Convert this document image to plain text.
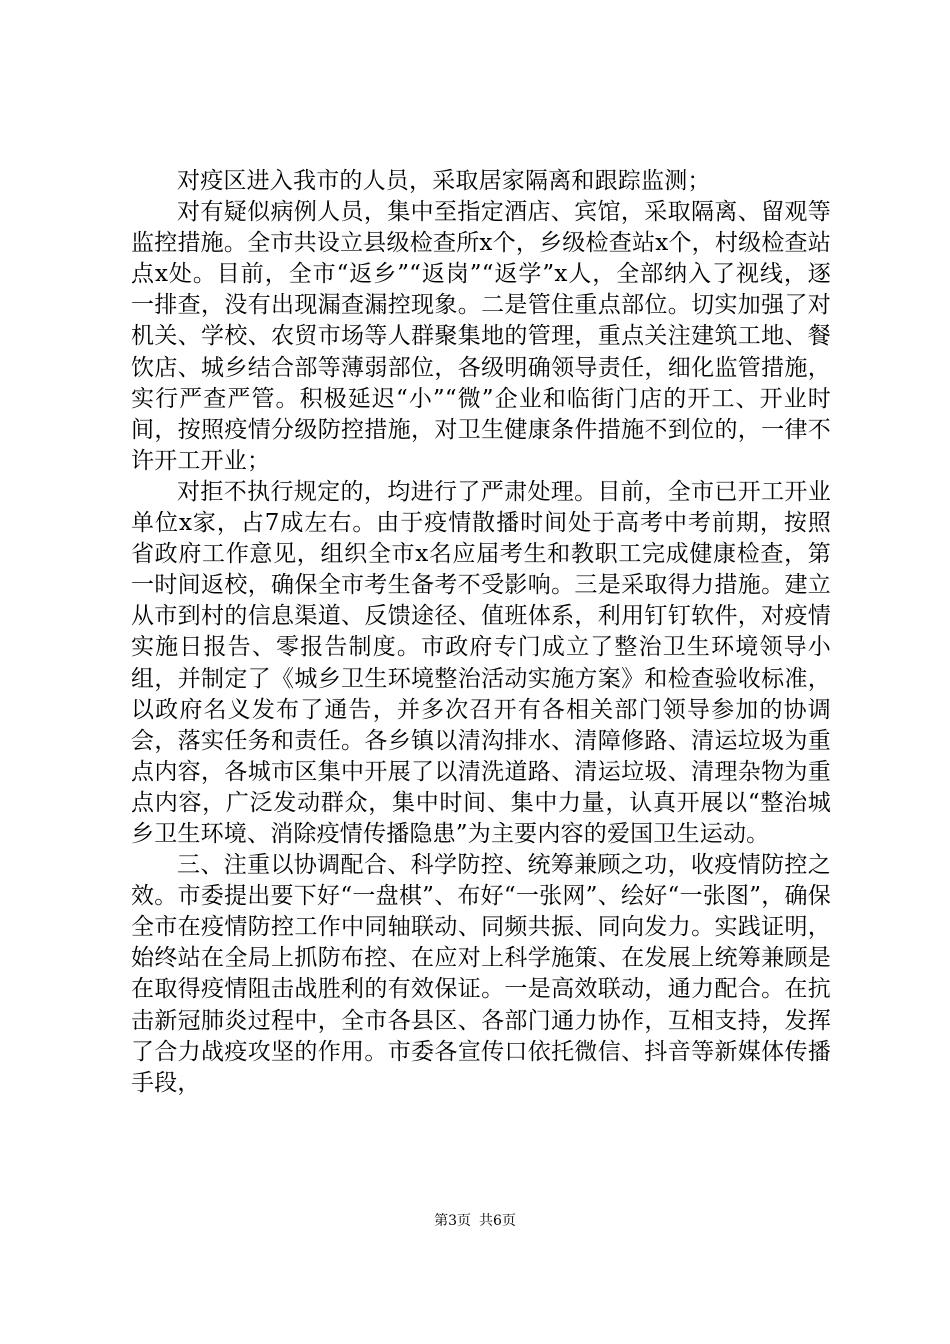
对疫区进入我市的人员，采取居家隔离和跟踪监测；

对有疑似病例人员，集中至指定酒店、宾馆，采取隔离、留观等监控措施。全市共设立县级检查所x个，乡级检查站x个，村级检查站点x处。目前，全市“返乡”“返岗”“返学”x人，全部纳入了视线，逐一排查，没有出现漏查漏控现象。二是管住重点部位。切实加强了对机关、学校、农贸市场等人群聚集地的管理，重点关注建筑工地、餐饮店、城乡结合部等薄弱部位，各级明确领导责任，细化监管措施，实行严查严管。积极延迟“小”“微”企业和临街门店的开工、开业时间，按照疫情分级防控措施，对卫生健康条件措施不到位的，一律不许开工开业；

对拒不执行规定的，均进行了严肃处理。目前，全市已开工开业单位x家，占7成左右。由于疫情散播时间处于高考中考前期，按照省政府工作意见，组织全市x名应届考生和教职工完成健康检查，第一时间返校，确保全市考生备考不受影响。三是采取得力措施。建立从市到村的信息渠道、反馈途径、值班体系，利用钉钉软件，对疫情实施日报告、零报告制度。市政府专门成立了整治卫生环境领导小组，并制定了《城乡卫生环境整治活动实施方案》和检查验收标准，以政府名义发布了通告，并多次召开有各相关部门领导参加的协调会，落实任务和责任。各乡镇以清沟排水、清障修路、清运垃圾为重点内容，各城市区集中开展了以清洗道路、清运垃圾、清理杂物为重点内容，广泛发动群众，集中时间、集中力量，认真开展以“整治城乡卫生环境、消除疫情传播隐患”为主要内容的爱国卫生运动。

三、注重以协调配合、科学防控、统筹兼顾之功，收疫情防控之效。市委提出要下好“一盘棋”、布好“一张网”、绘好“一张图”，确保全市在疫情防控工作中同轴联动、同频共振、同向发力。实践证明，始终站在全局上抓防布控、在应对上科学施策、在发展上统筹兼顾是在取得疫情阻击战胜利的有效保证。一是高效联动，通力配合。在抗击新冠肺炎过程中，全市各县区、各部门通力协作，互相支持，发挥了合力战疫攻坚的作用。市委各宣传口依托微信、抖音等新媒体传播手段，

第3页 共6页
